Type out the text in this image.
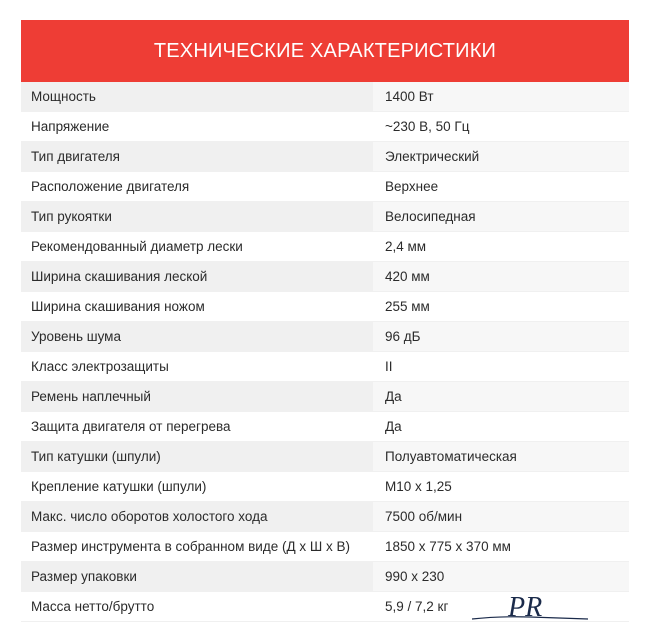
ТЕХНИЧЕСКИЕ ХАРАКТЕРИСТИКИ
Мощность	1400 Вт
Напряжение	~230 В, 50 Гц
Тип двигателя	Электрический
Расположение двигателя	Верхнее
Тип рукоятки	Велосипедная
Рекомендованный диаметр лески	2,4 мм
Ширина скашивания леской	420 мм
Ширина скашивания ножом	255 мм
Уровень шума	96 дБ
Класс электрозащиты	II
Ремень наплечный	Да
Защита двигателя от перегрева	Да
Тип катушки (шпули)	Полуавтоматическая
Крепление катушки (шпули)	M10 x 1,25
Макс. число оборотов холостого хода	7500 об/мин
Размер инструмента в собранном виде (Д х Ш х В)	1850 x 775 x 370 мм
Размер упаковки	990 x 230
Масса нетто/брутто	5,9 / 7,2 кг	PR
